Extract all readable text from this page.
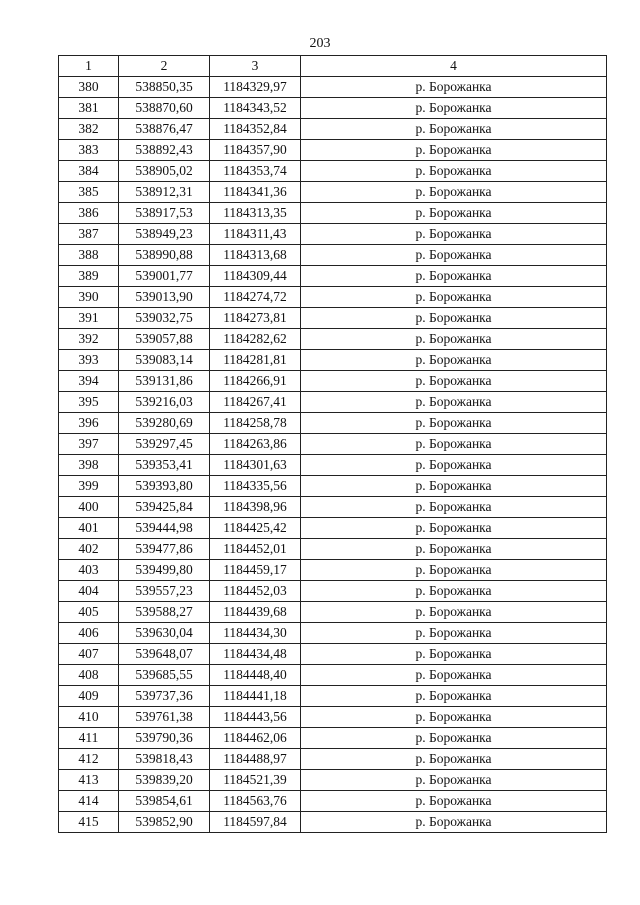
203
1	2	3	4
380	538850,35	1184329,97	р. Борожанка
381	538870,60	1184343,52	р. Борожанка
382	538876,47	1184352,84	р. Борожанка
383	538892,43	1184357,90	р. Борожанка
384	538905,02	1184353,74	р. Борожанка
385	538912,31	1184341,36	р. Борожанка
386	538917,53	1184313,35	р. Борожанка
387	538949,23	1184311,43	р. Борожанка
388	538990,88	1184313,68	р. Борожанка
389	539001,77	1184309,44	р. Борожанка
390	539013,90	1184274,72	р. Борожанка
391	539032,75	1184273,81	р. Борожанка
392	539057,88	1184282,62	р. Борожанка
393	539083,14	1184281,81	р. Борожанка
394	539131,86	1184266,91	р. Борожанка
395	539216,03	1184267,41	р. Борожанка
396	539280,69	1184258,78	р. Борожанка
397	539297,45	1184263,86	р. Борожанка
398	539353,41	1184301,63	р. Борожанка
399	539393,80	1184335,56	р. Борожанка
400	539425,84	1184398,96	р. Борожанка
401	539444,98	1184425,42	р. Борожанка
402	539477,86	1184452,01	р. Борожанка
403	539499,80	1184459,17	р. Борожанка
404	539557,23	1184452,03	р. Борожанка
405	539588,27	1184439,68	р. Борожанка
406	539630,04	1184434,30	р. Борожанка
407	539648,07	1184434,48	р. Борожанка
408	539685,55	1184448,40	р. Борожанка
409	539737,36	1184441,18	р. Борожанка
410	539761,38	1184443,56	р. Борожанка
411	539790,36	1184462,06	р. Борожанка
412	539818,43	1184488,97	р. Борожанка
413	539839,20	1184521,39	р. Борожанка
414	539854,61	1184563,76	р. Борожанка
415	539852,90	1184597,84	р. Борожанка
